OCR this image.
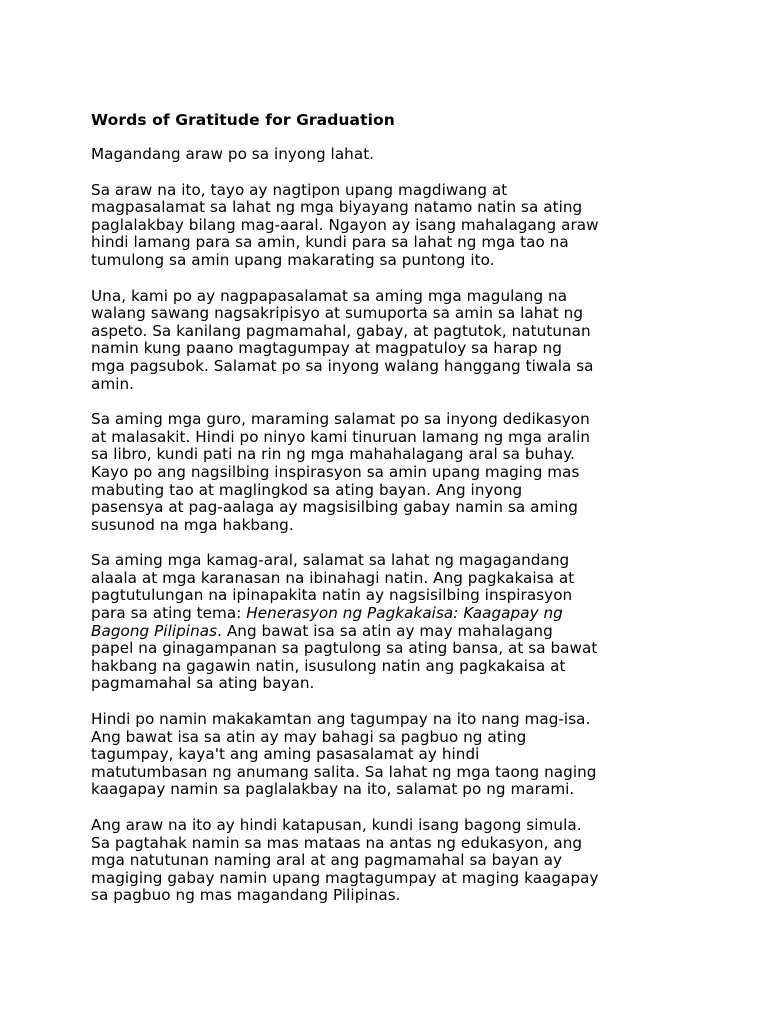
Words of Gratitude for Graduation
Magandang araw po sa inyong lahat.
Sa araw na ito, tayo ay nagtipon upang magdiwang at
magpasalamat sa lahat ng mga biyayang natamo natin sa ating
paglalakbay bilang mag-aaral. Ngayon ay isang mahalagang araw
hindi lamang para sa amin, kundi para sa lahat ng mga tao na
tumulong sa amin upang makarating sa puntong ito.
Una, kami po ay nagpapasalamat sa aming mga magulang na
walang sawang nagsakripisyo at sumuporta sa amin sa lahat ng
aspeto. Sa kanilang pagmamahal, gabay, at pagtutok, natutunan
namin kung paano magtagumpay at magpatuloy sa harap ng
mga pagsubok. Salamat po sa inyong walang hanggang tiwala sa
amin.
Sa aming mga guro, maraming salamat po sa inyong dedikasyon
at malasakit. Hindi po ninyo kami tinuruan lamang ng mga aralin
sa libro, kundi pati na rin ng mga mahahalagang aral sa buhay.
Kayo po ang nagsilbing inspirasyon sa amin upang maging mas
mabuting tao at maglingkod sa ating bayan. Ang inyong
pasensya at pag-aalaga ay magsisilbing gabay namin sa aming
susunod na mga hakbang.
Sa aming mga kamag-aral, salamat sa lahat ng magagandang
alaala at mga karanasan na ibinahagi natin. Ang pagkakaisa at
pagtutulungan na ipinapakita natin ay nagsisilbing inspirasyon
para sa ating tema: Henerasyon ng Pagkakaisa: Kaagapay ng
Bagong Pilipinas. Ang bawat isa sa atin ay may mahalagang
papel na ginagampanan sa pagtulong sa ating bansa, at sa bawat
hakbang na gagawin natin, isusulong natin ang pagkakaisa at
pagmamahal sa ating bayan.
Hindi po namin makakamtan ang tagumpay na ito nang mag-isa.
Ang bawat isa sa atin ay may bahagi sa pagbuo ng ating
tagumpay, kaya't ang aming pasasalamat ay hindi
matutumbasan ng anumang salita. Sa lahat ng mga taong naging
kaagapay namin sa paglalakbay na ito, salamat po ng marami.
Ang araw na ito ay hindi katapusan, kundi isang bagong simula.
Sa pagtahak namin sa mas mataas na antas ng edukasyon, ang
mga natutunan naming aral at ang pagmamahal sa bayan ay
magiging gabay namin upang magtagumpay at maging kaagapay
sa pagbuo ng mas magandang Pilipinas.
